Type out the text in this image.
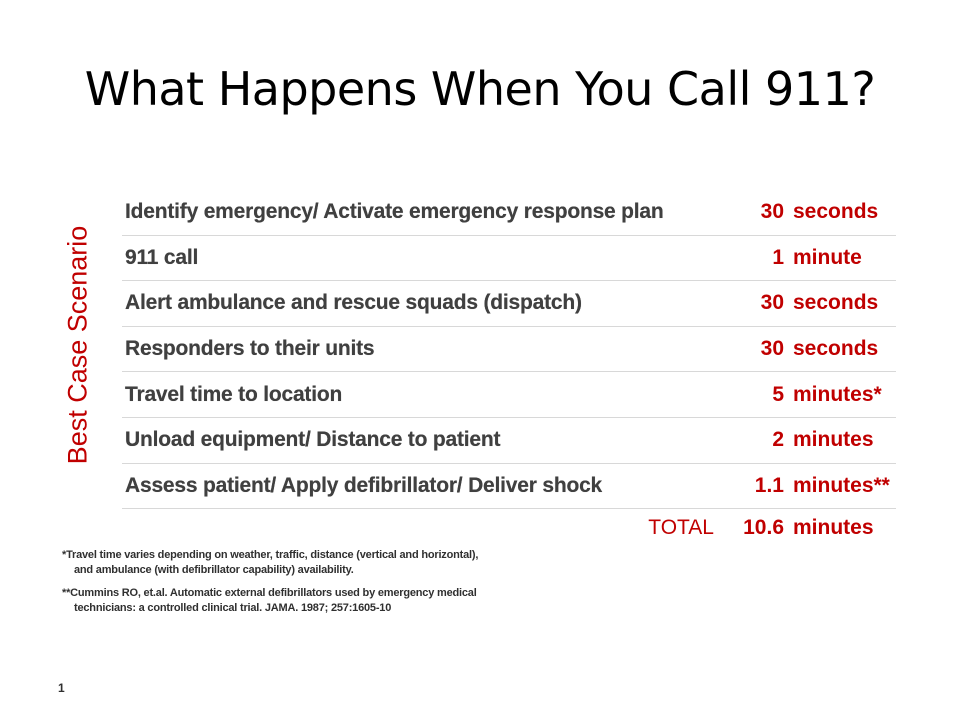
What Happens When You Call 911?
Best Case Scenario
Identify emergency/ Activate emergency response plan	30 seconds
911 call	1 minute
Alert ambulance and rescue squads (dispatch)	30 seconds
Responders to their units	30 seconds
Travel time to location	5 minutes*
Unload equipment/ Distance to patient	2 minutes
Assess patient/ Apply defibrillator/ Deliver shock	1.1 minutes**
TOTAL 10.6 minutes
*Travel time varies depending on weather, traffic, distance (vertical and horizontal),
and ambulance (with defibrillator capability) availability.
**Cummins RO, et.al. Automatic external defibrillators used by emergency medical
technicians: a controlled clinical trial. JAMA. 1987; 257:1605-10
1
